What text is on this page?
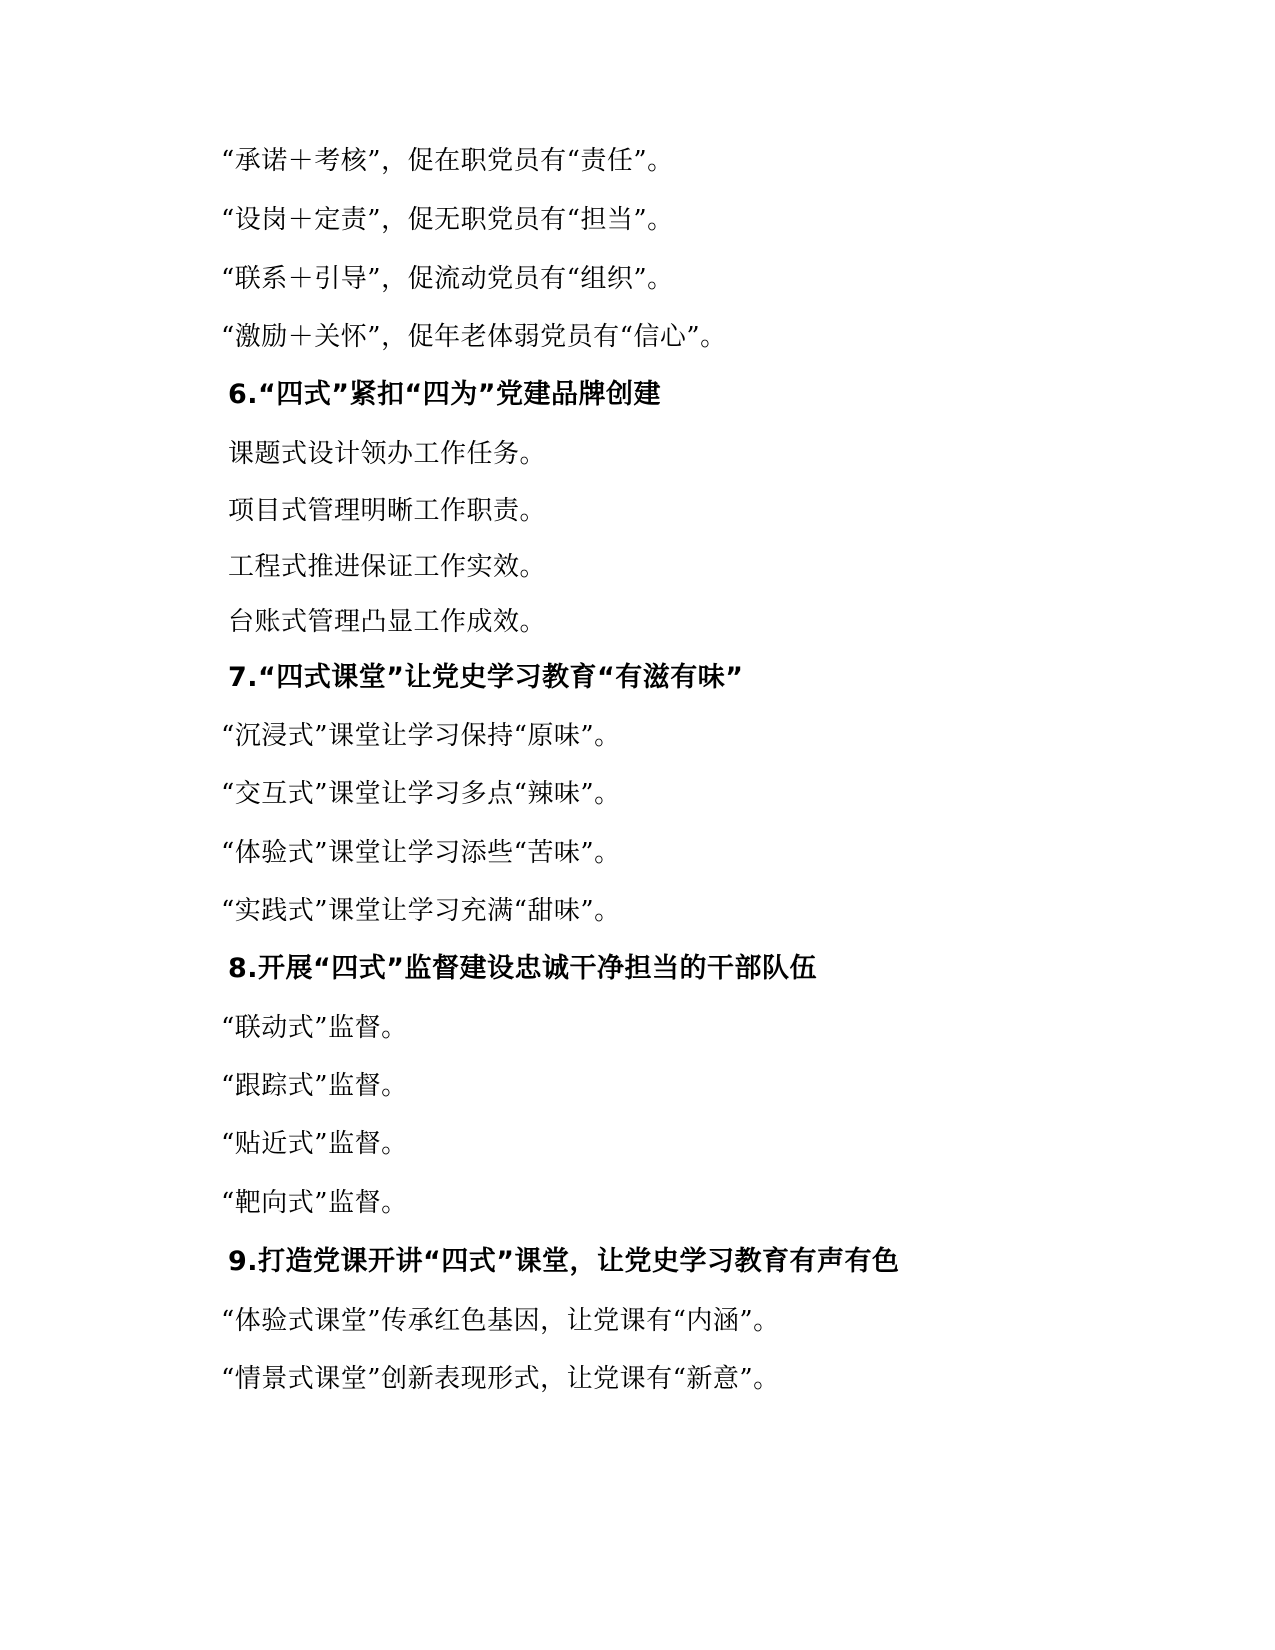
“承诺＋考核”，促在职党员有“责任”。
“设岗＋定责”，促无职党员有“担当”。
“联系＋引导”，促流动党员有“组织”。
“激励＋关怀”，促年老体弱党员有“信心”。
6.“四式”紧扣“四为”党建品牌创建
课题式设计领办工作任务。
项目式管理明晰工作职责。
工程式推进保证工作实效。
台账式管理凸显工作成效。
7.“四式课堂”让党史学习教育“有滋有味”
“沉浸式”课堂让学习保持“原味”。
“交互式”课堂让学习多点“辣味”。
“体验式”课堂让学习添些“苦味”。
“实践式”课堂让学习充满“甜味”。
8.开展“四式”监督建设忠诚干净担当的干部队伍
“联动式”监督。
“跟踪式”监督。
“贴近式”监督。
“靶向式”监督。
9.打造党课开讲“四式”课堂，让党史学习教育有声有色
“体验式课堂”传承红色基因，让党课有“内涵”。
“情景式课堂”创新表现形式，让党课有“新意”。
